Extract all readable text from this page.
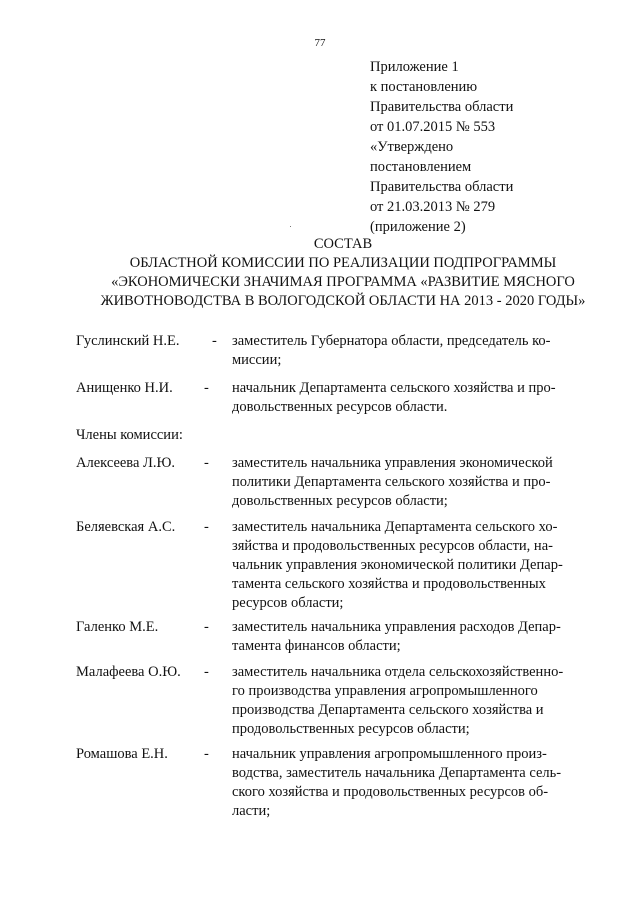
77
Приложение 1
к постановлению
Правительства области
от 01.07.2015 № 553
«Утверждено
постановлением
Правительства области
от 21.03.2013 № 279
(приложение 2)
СОСТАВ
ОБЛАСТНОЙ КОМИССИИ ПО РЕАЛИЗАЦИИ ПОДПРОГРАММЫ
«ЭКОНОМИЧЕСКИ ЗНАЧИМАЯ ПРОГРАММА «РАЗВИТИЕ МЯСНОГО
ЖИВОТНОВОДСТВА В ВОЛОГОДСКОЙ ОБЛАСТИ НА 2013 - 2020 ГОДЫ»
Гуслинский Н.Е. - заместитель Губернатора области, председатель ко-
миссии;
Анищенко Н.И. - начальник Департамента сельского хозяйства и про-
довольственных ресурсов области.
Члены комиссии:
Алексеева Л.Ю. - заместитель начальника управления экономической
политики Департамента сельского хозяйства и про-
довольственных ресурсов области;
Беляевская А.С. - заместитель начальника Департамента сельского хо-
зяйства и продовольственных ресурсов области, на-
чальник управления экономической политики Депар-
тамента сельского хозяйства и продовольственных
ресурсов области;
Галенко М.Е.	- заместитель начальника управления расходов Депар-
тамента финансов области;
Малафеева О.Ю. - заместитель начальника отдела сельскохозяйственно-
го производства управления агропромышленного
производства Департамента сельского хозяйства и
продовольственных ресурсов области;
Ромашова Е.Н. - начальник управления агропромышленного произ-
водства, заместитель начальника Департамента сель-
ского хозяйства и продовольственных ресурсов об-
ласти;
